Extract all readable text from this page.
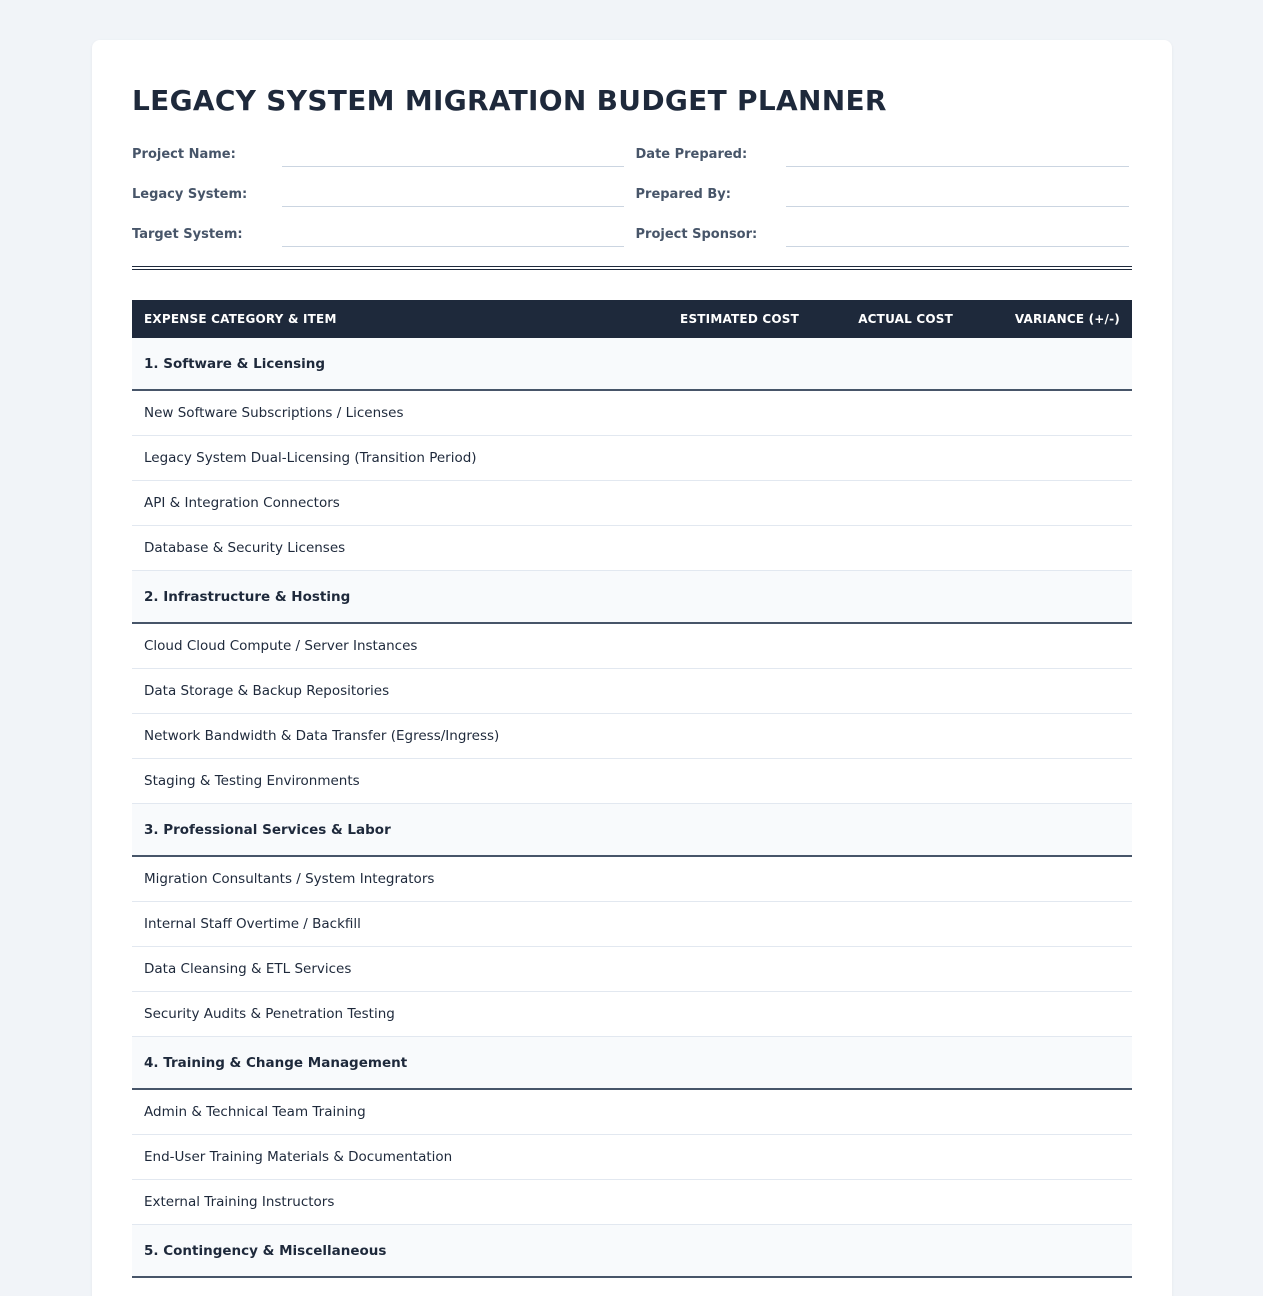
LEGACY SYSTEM MIGRATION BUDGET PLANNER
Project Name:	Date Prepared:
Legacy System:	Prepared By:
Target System:	Project Sponsor:
EXPENSE CATEGORY & ITEM	ESTIMATED COST	ACTUAL COST	VARIANCE (+/-)
1. Software & Licensing
New Software Subscriptions / Licenses
Legacy System Dual-Licensing (Transition Period)
API & Integration Connectors
Database & Security Licenses
2. Infrastructure & Hosting
Cloud Cloud Compute / Server Instances
Data Storage & Backup Repositories
Network Bandwidth & Data Transfer (Egress/Ingress)
Staging & Testing Environments
3. Professional Services & Labor
Migration Consultants / System Integrators
Internal Staff Overtime / Backfill
Data Cleansing & ETL Services
Security Audits & Penetration Testing
4. Training & Change Management
Admin & Technical Team Training
End-User Training Materials & Documentation
External Training Instructors
5. Contingency & Miscellaneous
